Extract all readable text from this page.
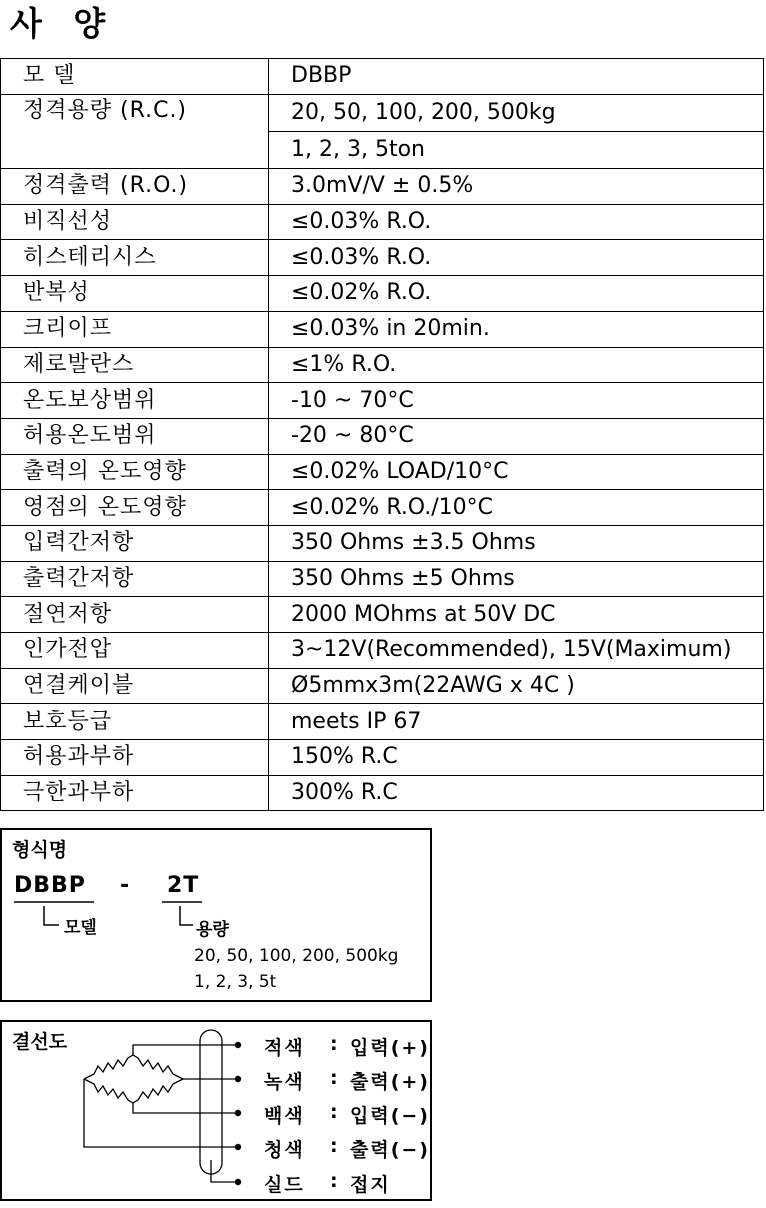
사 양
모 델	DBBP
정격용량 (R.C.)	20, 50, 100, 200, 500kg
	1, 2, 3, 5ton
정격출력 (R.O.)	3.0mV/V ± 0.5%
비직선성	≤0.03% R.O.
히스테리시스	≤0.03% R.O.
반복성	≤0.02% R.O.
크리이프	≤0.03% in 20min.
제로발란스	≤1% R.O.
온도보상범위	-10 ~ 70°C
허용온도범위	-20 ~ 80°C
출력의 온도영향	≤0.02% LOAD/10°C
영점의 온도영향	≤0.02% R.O./10°C
입력간저항	350 Ohms ±3.5 Ohms
출력간저항	350 Ohms ±5 Ohms
절연저항	2000 MOhms at 50V DC
인가전압	3~12V(Recommended), 15V(Maximum)
연결케이블	Ø5mmx3m(22AWG x 4C )
보호등급	meets IP 67
허용과부하	150% R.C
극한과부하	300% R.C
형식명
DBBP - 2T
모델	용량
20, 50, 100, 200, 500kg
1, 2, 3, 5t
결선도	적색 : 입력(+)
녹색 : 출력(+)
백색 : 입력(−)
청색 : 출력(−)
실드 : 접지
